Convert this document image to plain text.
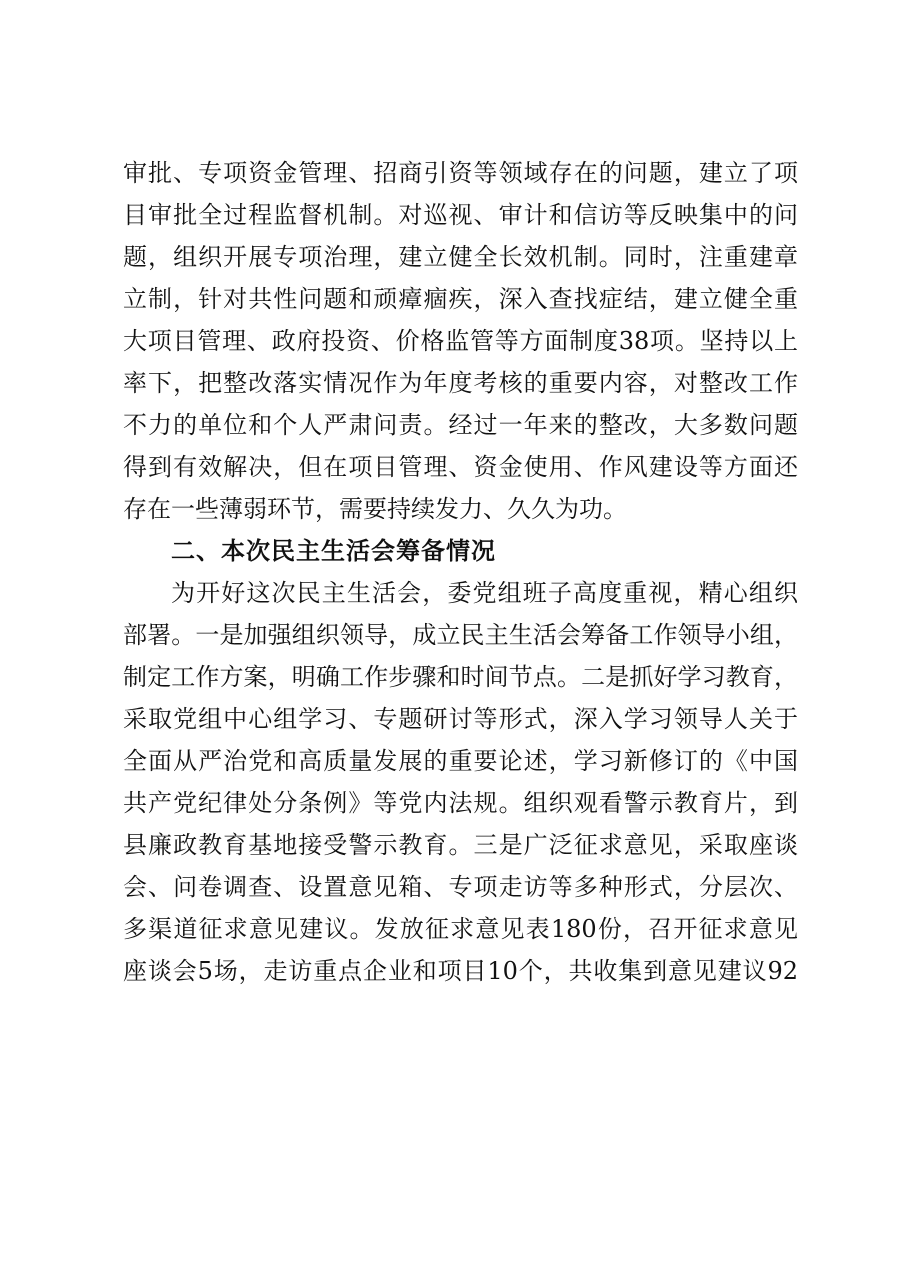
审批、专项资金管理、招商引资等领域存在的问题，建立了项
目审批全过程监督机制。对巡视、审计和信访等反映集中的问
题，组织开展专项治理，建立健全长效机制。同时，注重建章
立制，针对共性问题和顽瘴痼疾，深入查找症结，建立健全重
大项目管理、政府投资、价格监管等方面制度38项。坚持以上
率下，把整改落实情况作为年度考核的重要内容，对整改工作
不力的单位和个人严肃问责。经过一年来的整改，大多数问题
得到有效解决，但在项目管理、资金使用、作风建设等方面还
存在一些薄弱环节，需要持续发力、久久为功。
二、本次民主生活会筹备情况
为开好这次民主生活会，委党组班子高度重视，精心组织
部署。一是加强组织领导，成立民主生活会筹备工作领导小组，
制定工作方案，明确工作步骤和时间节点。二是抓好学习教育，
采取党组中心组学习、专题研讨等形式，深入学习领导人关于
全面从严治党和高质量发展的重要论述，学习新修订的《中国
共产党纪律处分条例》等党内法规。组织观看警示教育片，到
县廉政教育基地接受警示教育。三是广泛征求意见，采取座谈
会、问卷调查、设置意见箱、专项走访等多种形式，分层次、
多渠道征求意见建议。发放征求意见表180份，召开征求意见
座谈会5场，走访重点企业和项目10个，共收集到意见建议92
